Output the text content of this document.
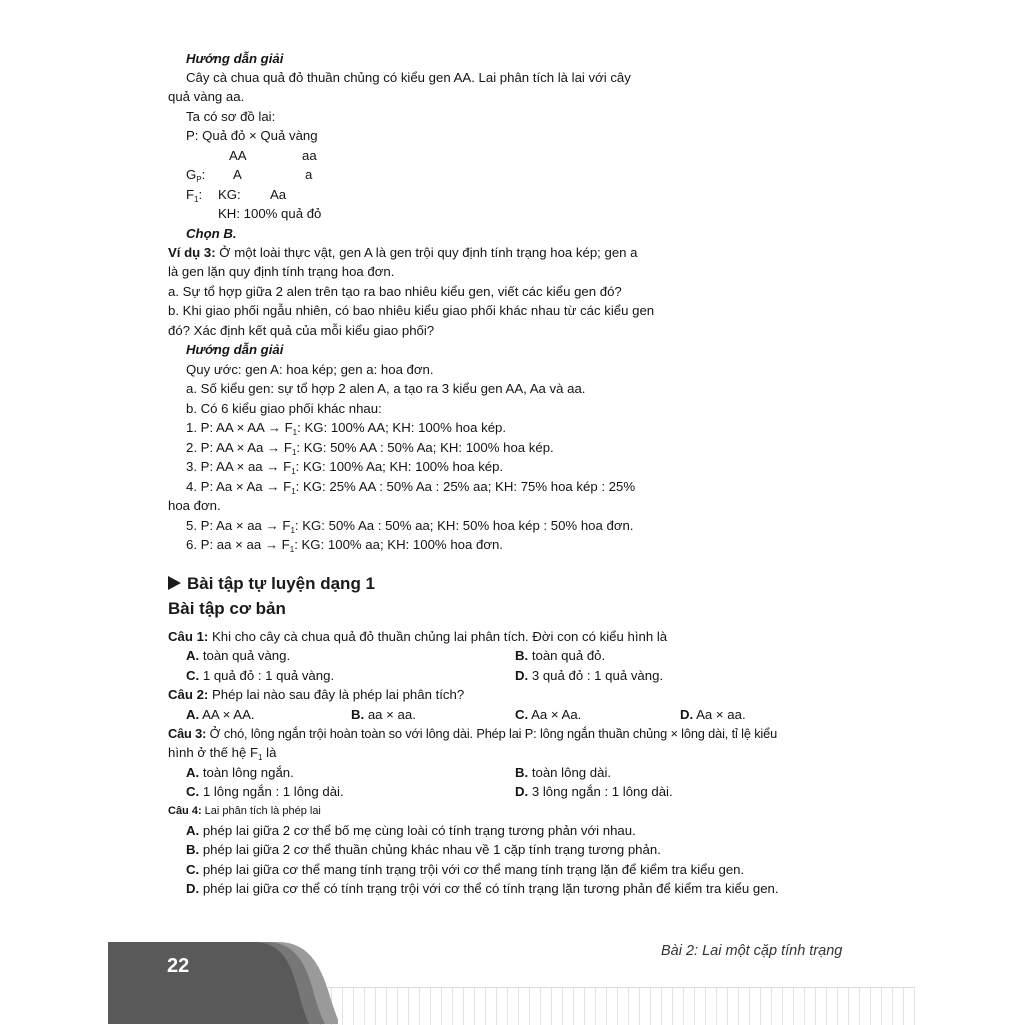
Hướng dẫn giải
Cây cà chua quả đỏ thuần chủng có kiểu gen AA. Lai phân tích là lai với cây
quả vàng aa.
Ta có sơ đồ lai:
P: Quả đỏ × Quả vàng
AA	aa
$G_P$: A	a
$F_1$: KG: Aa
KH: 100% quả đỏ
Chọn B.
Ví dụ 3: Ở một loài thực vật, gen A là gen trội quy định tính trạng hoa kép; gen a
là gen lặn quy định tính trạng hoa đơn.
a. Sự tổ hợp giữa 2 alen trên tạo ra bao nhiêu kiểu gen, viết các kiểu gen đó?
b. Khi giao phối ngẫu nhiên, có bao nhiêu kiểu giao phối khác nhau từ các kiểu gen
đó? Xác định kết quả của mỗi kiểu giao phối?
Hướng dẫn giải
Quy ước: gen A: hoa kép; gen a: hoa đơn.
a. Số kiểu gen: sự tổ hợp 2 alen A, a tạo ra 3 kiểu gen AA, Aa và aa.
b. Có 6 kiểu giao phối khác nhau:
1. P: AA × AA → $F_1$: KG: 100% AA; KH: 100% hoa kép.
2. P: AA × $Aa \to F_1$: KG: 50% AA : 50% Aa; KH: 100% hoa kép.
3. P: AA × aa → $F_1$: KG: 100% Aa; KH: 100% hoa kép.
4. P: $Aa \times Aa \to F_1$: KG: 25% AA : 50% Aa : 25% aa; KH: 75% hoa kép : 25%
hoa đơn.
5. P: Aa × aa → $F_1$: KG: 50% Aa : 50% aa; KH: 50% hoa kép : 50% hoa đơn.
6. P: aa × aa → $F_1$: KG: 100% aa; KH: 100% hoa đơn.
Bài tập tự luyện dạng 1
Bài tập cơ bản
Câu 1: Khi cho cây cà chua quả đỏ thuần chủng lai phân tích. Đời con có kiểu hình là
A. toàn quả vàng.	B. toàn quả đỏ.
C. 1 quả đỏ : 1 quả vàng.	D. 3 quả đỏ : 1 quả vàng.
Câu 2: Phép lai nào sau đây là phép lai phân tích?
A. AA × AA.	B. aa × aa.	C. Aa × Aa.	D. Aa × aa.
Câu 3: Ở chó, lông ngắn trội hoàn toàn so với lông dài. Phép lai P: lông ngắn thuần chủng × lông dài, tỉ lệ kiểu
hình ở thế hệ $F_1$ là
A. toàn lông ngắn.	B. toàn lông dài.
C. 1 lông ngắn : 1 lông dài.	D. 3 lông ngắn : 1 lông dài.
Câu 4: Lai phân tích là phép lai
A. phép lai giữa 2 cơ thể bố mẹ cùng loài có tính trạng tương phản với nhau.
B. phép lai giữa 2 cơ thể thuần chủng khác nhau về 1 cặp tính trạng tương phản.
C. phép lai giữa cơ thể mang tính trạng trội với cơ thể mang tính trạng lặn để kiểm tra kiểu gen.
D. phép lai giữa cơ thể có tính trạng trội với cơ thể có tính trạng lặn tương phản để kiểm tra kiểu gen.
22
Bài 2: Lai một cặp tính trạng
